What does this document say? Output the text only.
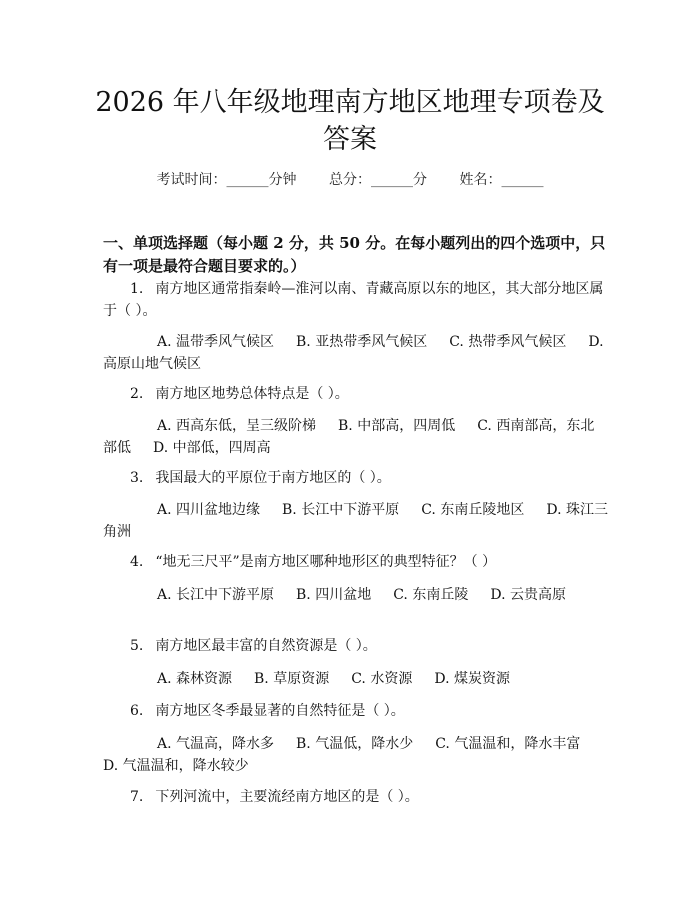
2026 年八年级地理南方地区地理专项卷及答案
考试时间：______分钟 总分：______分 姓名：______

一、单项选择题（每小题 2 分，共 50 分。在每小题列出的四个选项中，只有一项是最符合题目要求的。）

1. 南方地区通常指秦岭—淮河以南、青藏高原以东的地区，其大部分地区属于（ ）。

A. 温带季风气候区 B. 亚热带季风气候区 C. 热带季风气候区 D. 高原山地气候区

2. 南方地区地势总体特点是（ ）。

A. 西高东低，呈三级阶梯 B. 中部高，四周低 C. 西南部高，东北部低 D. 中部低，四周高

3. 我国最大的平原位于南方地区的（ ）。

A. 四川盆地边缘 B. 长江中下游平原 C. 东南丘陵地区 D. 珠江三角洲

4. “地无三尺平”是南方地区哪种地形区的典型特征？（ ）

A. 长江中下游平原 B. 四川盆地 C. 东南丘陵 D. 云贵高原

5. 南方地区最丰富的自然资源是（ ）。

A. 森林资源 B. 草原资源 C. 水资源 D. 煤炭资源

6. 南方地区冬季最显著的自然特征是（ ）。

A. 气温高，降水多 B. 气温低，降水少 C. 气温温和，降水丰富D. 气温温和，降水较少

7. 下列河流中，主要流经南方地区的是（ ）。
